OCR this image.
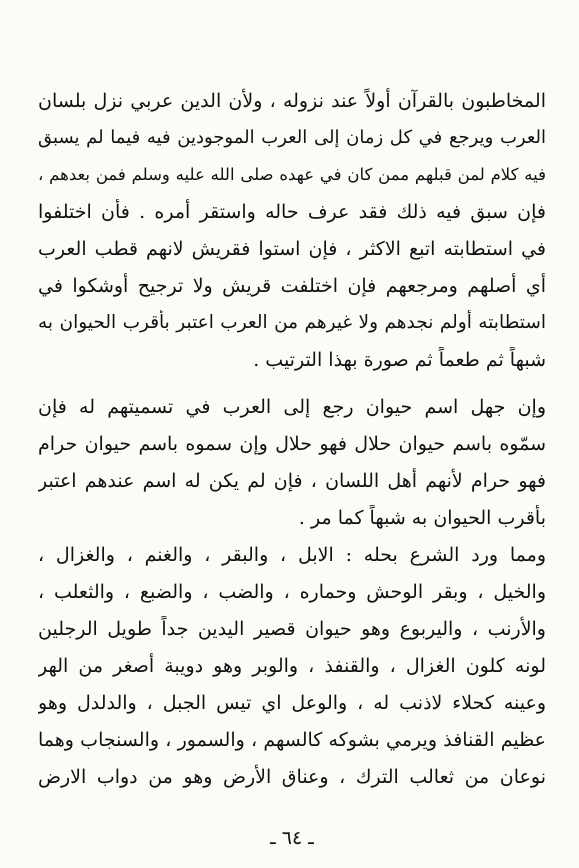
المخاطبون بالقرآن أولاً عند نزوله ، ولأن الدين عربي نزل بلسان
العرب ويرجع في كل زمان إلى العرب الموجودين فيه فيما لم يسبق
فيه كلام لمن قبلهم ممن كان في عهده صلى الله عليه وسلم فمن بعدهم ،
فإن سبق فيه ذلك فقد عرف حاله واستقر أمره . فأن اختلفوا
في استطابته اتبع الاكثر ، فإن استوا فقريش لانهم قطب العرب
أي أصلهم ومرجعهم فإن اختلفت قريش ولا ترجيح أوشكوا في
استطابته أولم نجدهم ولا غيرهم من العرب اعتبر بأقرب الحيوان به
شبهاً ثم طعماً ثم صورة بهذا الترتيب .
وإن جهل اسم حيوان رجع إلى العرب في تسميتهم له فإن
سمّوه باسم حيوان حلال فهو حلال وإن سموه باسم حيوان حرام
فهو حرام لأنهم أهل اللسان ، فإن لم يكن له اسم عندهم اعتبر
بأقرب الحيوان به شبهاً كما مر .
ومما ورد الشرع بحله : الابل ، والبقر ، والغنم ، والغزال ،
والخيل ، وبقر الوحش وحماره ، والضب ، والضبع ، والثعلب ،
والأرنب ، واليربوع وهو حيوان قصير اليدين جداً طويل الرجلين
لونه كلون الغزال ، والقنفذ ، والوبر وهو دويبة أصغر من الهر
وعينه كحلاء لاذنب له ، والوعل اي تيس الجبل ، والدلدل وهو
عظيم القنافذ ويرمي بشوكه كالسهم ، والسمور ، والسنجاب وهما
نوعان من ثعالب الترك ، وعناق الأرض وهو من دواب الارض
ـ ٦٤ ـ
